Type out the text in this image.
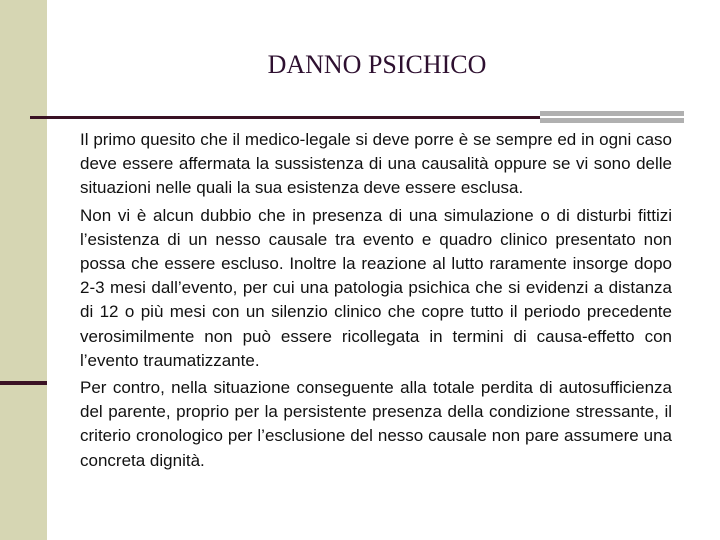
DANNO PSICHICO

Il primo quesito che il medico-legale si deve porre è se sempre ed in ogni caso deve essere affermata la sussistenza di una causalità oppure se vi sono delle situazioni nelle quali la sua esistenza deve essere esclusa.

Non vi è alcun dubbio che in presenza di una simulazione o di disturbi fittizi l’esistenza di un nesso causale tra evento e quadro clinico presentato non possa che essere escluso. Inoltre la reazione al lutto raramente insorge dopo 2-3 mesi dall’evento, per cui una patologia psichica che si evidenzi a distanza di 12 o più mesi con un silenzio clinico che copre tutto il periodo precedente verosimilmente non può essere ricollegata in termini di causa-effetto con l’evento traumatizzante.

Per contro, nella situazione conseguente alla totale perdita di autosufficienza del parente, proprio per la persistente presenza della condizione stressante, il criterio cronologico per l’esclusione del nesso causale non pare assumere una concreta dignità.
